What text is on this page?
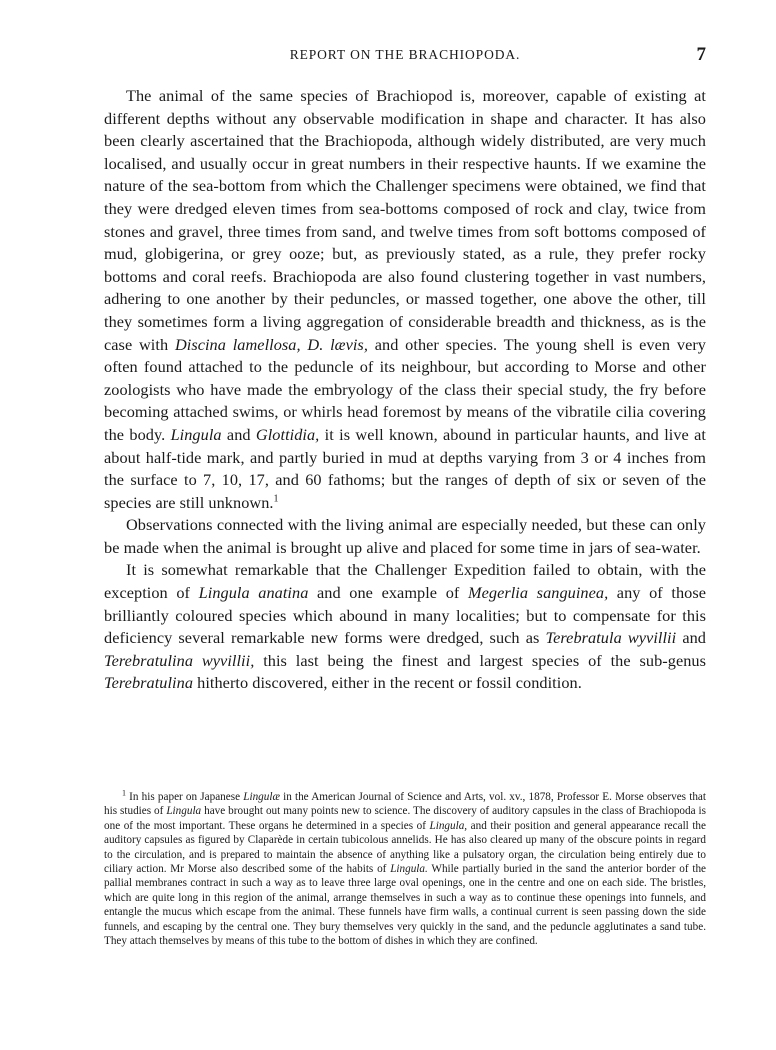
REPORT ON THE BRACHIOPODA.	7

The animal of the same species of Brachiopod is, moreover, capable of existing at different depths without any observable modification in shape and character. It has also been clearly ascertained that the Brachiopoda, although widely distributed, are very much localised, and usually occur in great numbers in their respective haunts. If we examine the nature of the sea-bottom from which the Challenger specimens were obtained, we find that they were dredged eleven times from sea-bottoms composed of rock and clay, twice from stones and gravel, three times from sand, and twelve times from soft bottoms composed of mud, globigerina, or grey ooze; but, as previously stated, as a rule, they prefer rocky bottoms and coral reefs. Brachiopoda are also found clustering together in vast numbers, adhering to one another by their peduncles, or massed together, one above the other, till they sometimes form a living aggregation of considerable breadth and thickness, as is the case with Discina lamellosa, D. lævis, and other species. The young shell is even very often found attached to the peduncle of its neighbour, but according to Morse and other zoologists who have made the embryology of the class their special study, the fry before becoming attached swims, or whirls head foremost by means of the vibratile cilia covering the body. Lingula and Glottidia, it is well known, abound in particular haunts, and live at about half-tide mark, and partly buried in mud at depths varying from 3 or 4 inches from the surface to 7, 10, 17, and 60 fathoms; but the ranges of depth of six or seven of the species are still unknown.$^1$

Observations connected with the living animal are especially needed, but these can only be made when the animal is brought up alive and placed for some time in jars of sea-water.

It is somewhat remarkable that the Challenger Expedition failed to obtain, with the exception of Lingula anatina and one example of Megerlia sanguinea, any of those brilliantly coloured species which abound in many localities; but to compensate for this deficiency several remarkable new forms were dredged, such as Terebratula wyvillii and Terebratulina wyvillii, this last being the finest and largest species of the sub-genus Terebratulina hitherto discovered, either in the recent or fossil condition.

$^1$ In his paper on Japanese Lingulæ in the American Journal of Science and Arts, vol. xv., 1878, Professor E. Morse observes that his studies of Lingula have brought out many points new to science. The discovery of auditory capsules in the class of Brachiopoda is one of the most important. These organs he determined in a species of Lingula, and their position and general appearance recall the auditory capsules as figured by Claparède in certain tubicolous annelids. He has also cleared up many of the obscure points in regard to the circulation, and is prepared to maintain the absence of anything like a pulsatory organ, the circulation being entirely due to ciliary action. Mr Morse also described some of the habits of Lingula. While partially buried in the sand the anterior border of the pallial membranes contract in such a way as to leave three large oval openings, one in the centre and one on each side. The bristles, which are quite long in this region of the animal, arrange themselves in such a way as to continue these openings into funnels, and entangle the mucus which escape from the animal. These funnels have firm walls, a continual current is seen passing down the side funnels, and escaping by the central one. They bury themselves very quickly in the sand, and the peduncle agglutinates a sand tube. They attach themselves by means of this tube to the bottom of dishes in which they are confined.
